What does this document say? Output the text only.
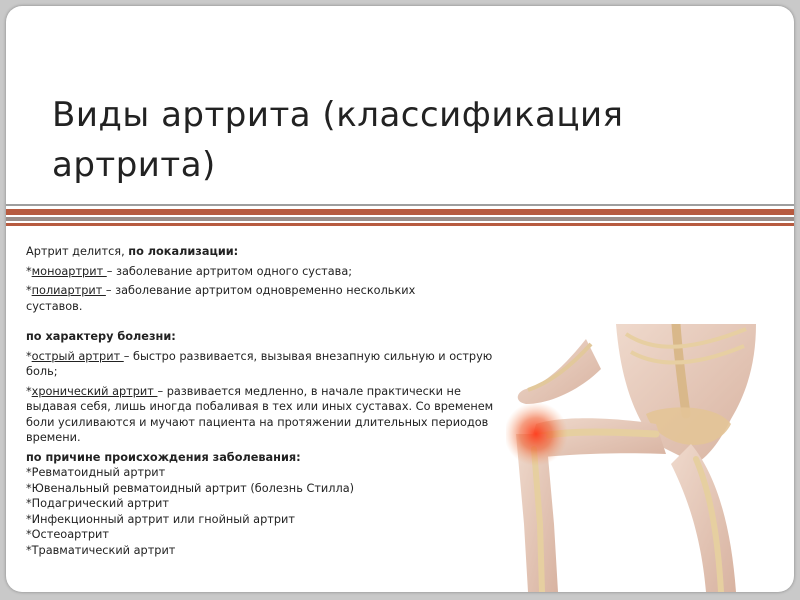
Виды артрита (классификация артрита)

Артрит делится, по локализации:

*моноартрит – заболевание артритом одного сустава;

*полиартрит – заболевание артритом одновременно нескольких суставов.

по характеру болезни:

*острый артрит – быстро развивается, вызывая внезапную сильную и острую боль;

*хронический артрит – развивается медленно, в начале практически не выдавая себя, лишь иногда побаливая в тех или иных суставах. Со временем боли усиливаются и мучают пациента на протяжении длительных периодов времени.

по причине происхождения заболевания:

*Ревматоидный артрит

*Ювенальный ревматоидный артрит (болезнь Стилла)

*Подагрический артрит

*Инфекционный артрит или гнойный артрит

*Остеоартрит

*Травматический артрит
